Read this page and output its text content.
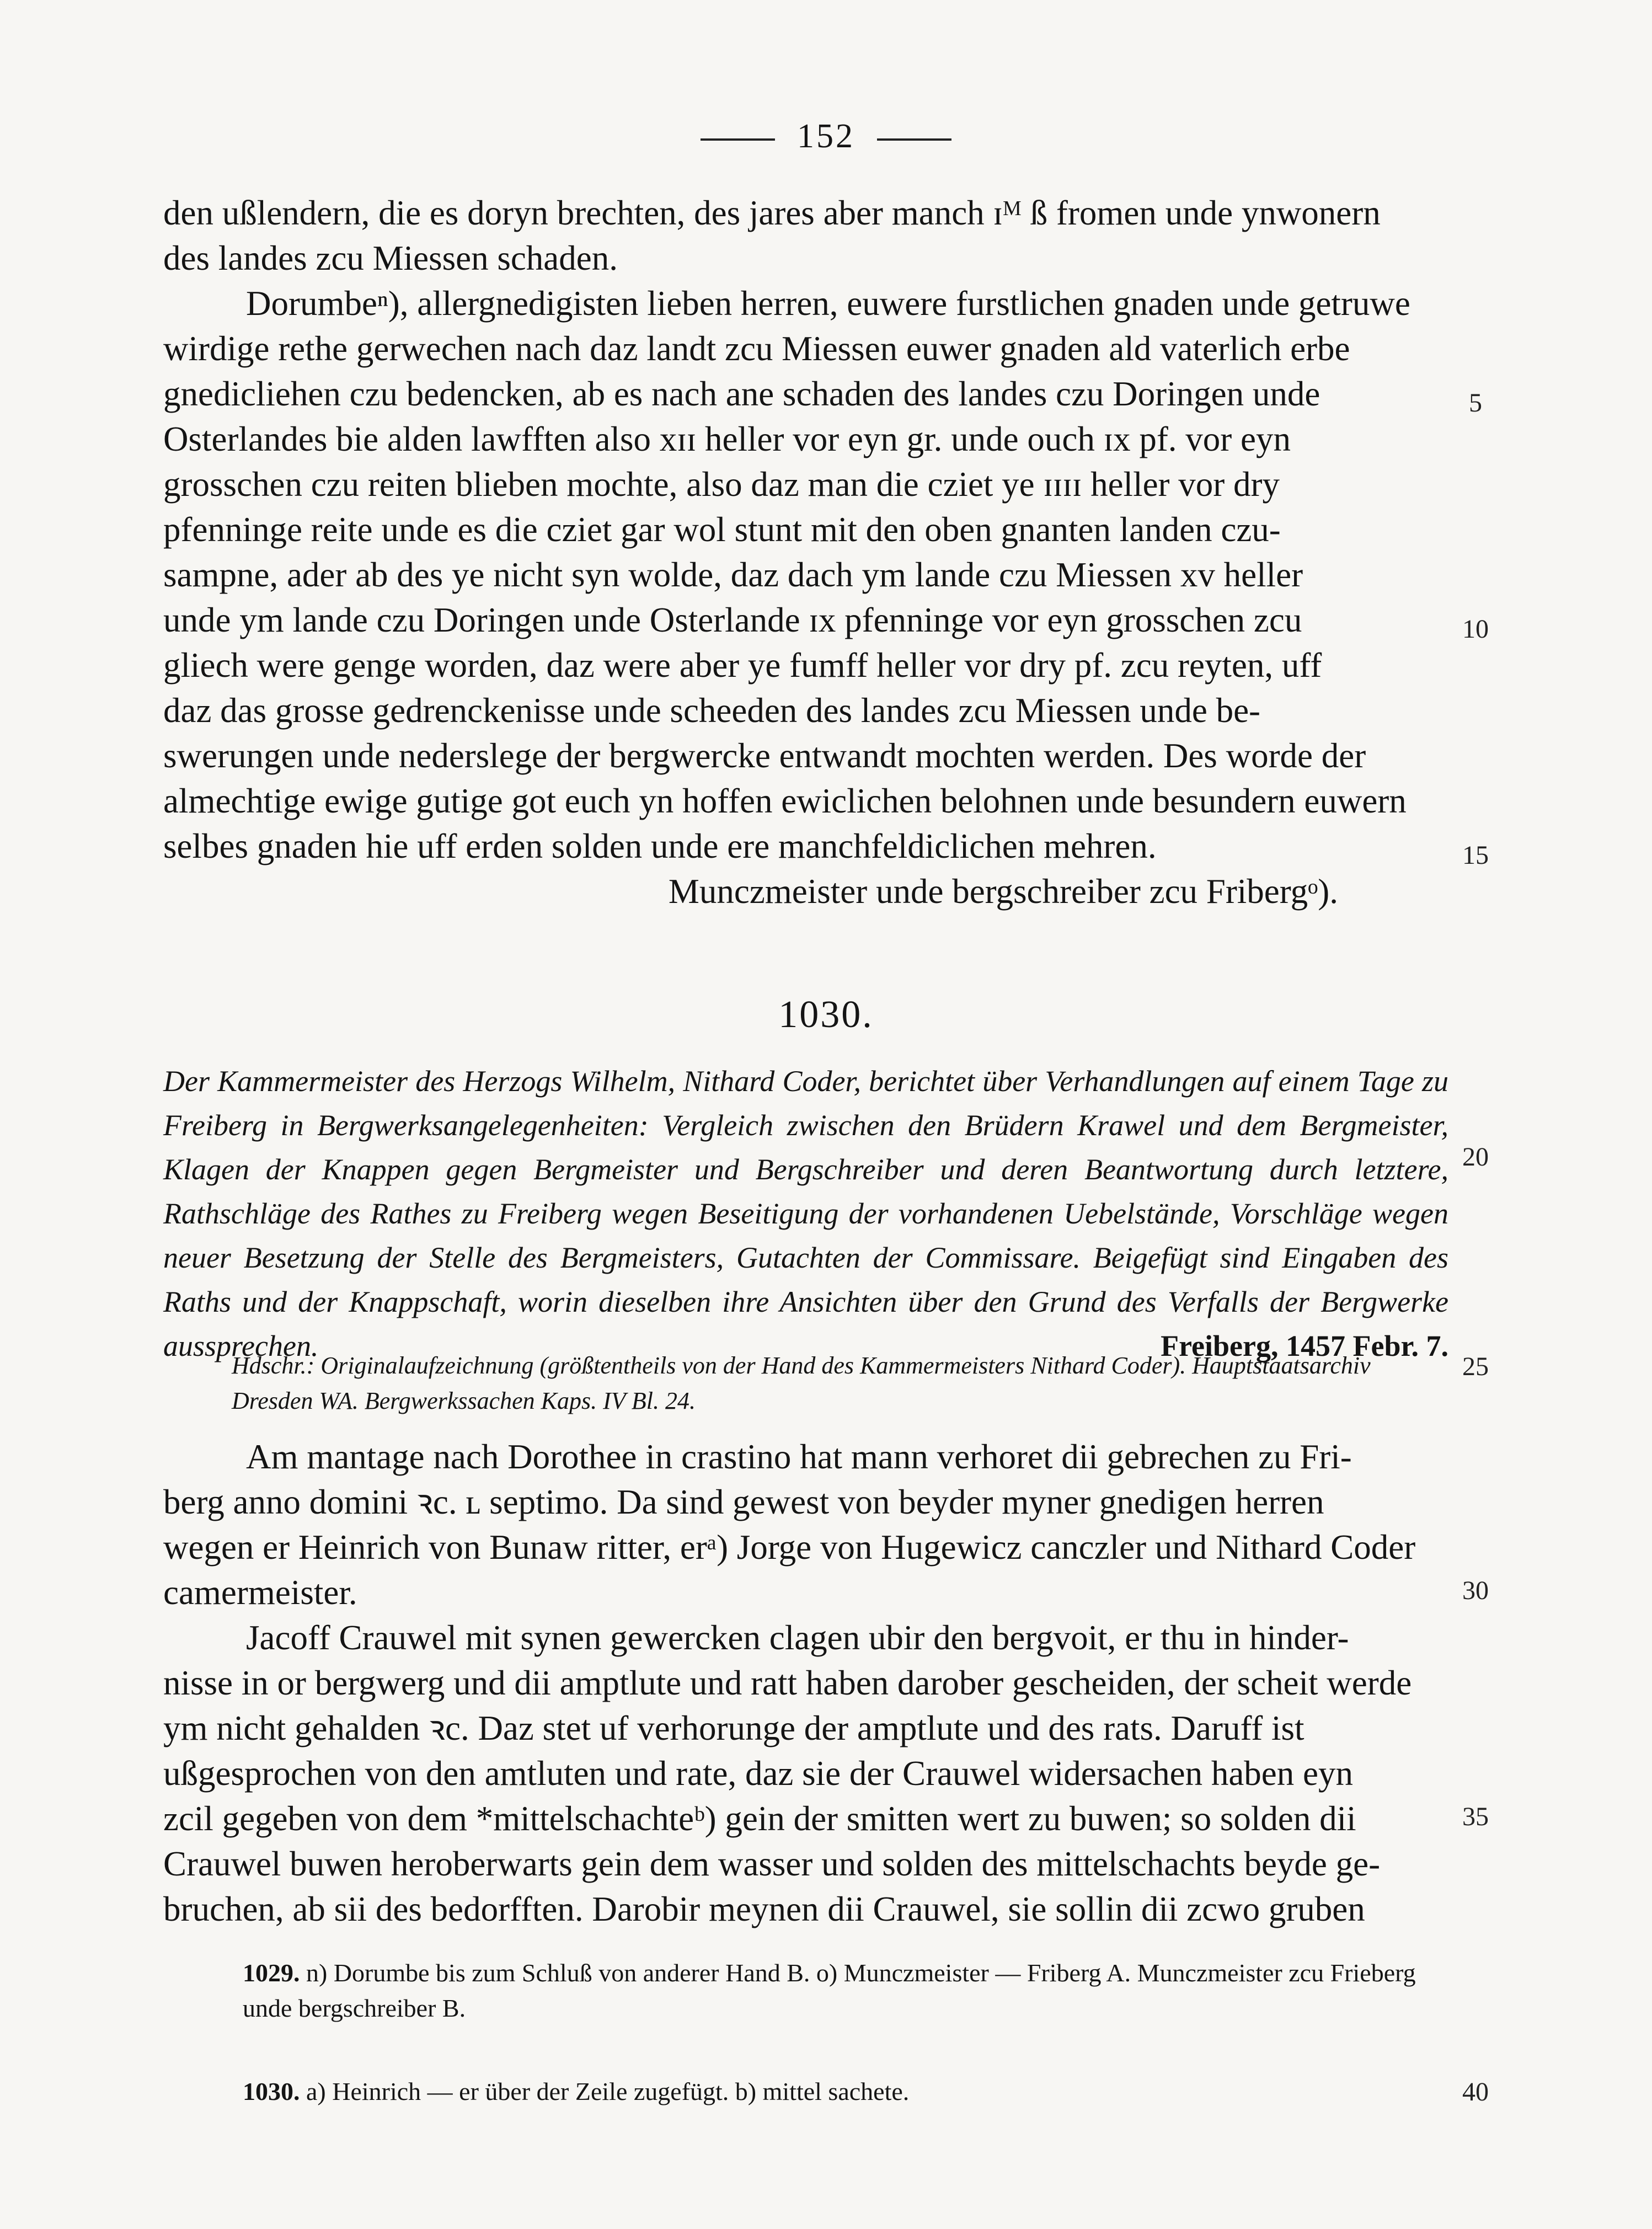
152

den ußlendern, die es doryn brechten, des jares aber manch ɪᴹ ß fromen unde ynwonern

des landes zcu Miessen schaden.

Dorumbeⁿ), allergnedigisten lieben herren, euwere furstlichen gnaden unde getruwe

wirdige rethe gerwechen nach daz landt zcu Miessen euwer gnaden ald vaterlich erbe

gnedicliehen czu bedencken, ab es nach ane schaden des landes czu Doringen unde

Osterlandes bie alden lawfften also xɪɪ heller vor eyn gr. unde ouch ɪx pf. vor eyn

grosschen czu reiten blieben mochte, also daz man die cziet ye ɪɪɪɪ heller vor dry

pfenninge reite unde es die cziet gar wol stunt mit den oben gnanten landen czu-

sampne, ader ab des ye nicht syn wolde, daz dach ym lande czu Miessen xv heller

unde ym lande czu Doringen unde Osterlande ɪx pfenninge vor eyn grosschen zcu

gliech were genge worden, daz were aber ye fumff heller vor dry pf. zcu reyten, uff

daz das grosse gedrenckenisse unde scheeden des landes zcu Miessen unde be-

swerungen unde nederslege der bergwercke entwandt mochten werden. Des worde der

almechtige ewige gutige got euch yn hoffen ewiclichen belohnen unde besundern euwern

selbes gnaden hie uff erden solden unde ere manchfeldiclichen mehren.

Munczmeister unde bergschreiber zcu Fribergᵒ).

1030.
Der Kammermeister des Herzogs Wilhelm, Nithard Coder, berichtet über Verhandlungen auf einem Tage zu Freiberg in Bergwerksangelegenheiten: Vergleich zwischen den Brüdern Krawel und dem Bergmeister, Klagen der Knappen gegen Bergmeister und Bergschreiber und deren Beantwortung durch letztere, Rathschläge des Rathes zu Freiberg wegen Beseitigung der vorhandenen Uebelstände, Vorschläge wegen neuer Besetzung der Stelle des Bergmeisters, Gutachten der Commissare. Beigefügt sind Eingaben des Raths und der Knappschaft, worin dieselben ihre Ansichten über den Grund des Verfalls der Bergwerke aussprechen.	Freiberg, 1457 Febr. 7.
Hdschr.: Originalaufzeichnung (größtentheils von der Hand des Kammermeisters Nithard Coder). Hauptstaatsarchiv Dresden WA. Bergwerkssachen Kaps. IV Bl. 24.

Am mantage nach Dorothee in crastino hat mann verhoret dii gebrechen zu Fri-

berg anno domini ꝛc. ʟ septimo. Da sind gewest von beyder myner gnedigen herren

wegen er Heinrich von Bunaw ritter, erᵃ) Jorge von Hugewicz canczler und Nithard Coder

camermeister.

Jacoff Crauwel mit synen gewercken clagen ubir den bergvoit, er thu in hinder-

nisse in or bergwerg und dii amptlute und ratt haben darober gescheiden, der scheit werde

ym nicht gehalden ꝛc. Daz stet uf verhorunge der amptlute und des rats. Daruff ist

ußgesprochen von den amtluten und rate, daz sie der Crauwel widersachen haben eyn

zcil gegeben von dem *mittelschachteᵇ) gein der smitten wert zu buwen; so solden dii

Crauwel buwen heroberwarts gein dem wasser und solden des mittelschachts beyde ge-

bruchen, ab sii des bedorfften. Darobir meynen dii Crauwel, sie sollin dii zcwo gruben

5
10
15
20
25
30
35
40
1029. n) Dorumbe bis zum Schluß von anderer Hand B. o) Munczmeister — Friberg A. Munczmeister zcu Frieberg unde bergschreiber B.
1030. a) Heinrich — er über der Zeile zugefügt. b) mittel sachete.
